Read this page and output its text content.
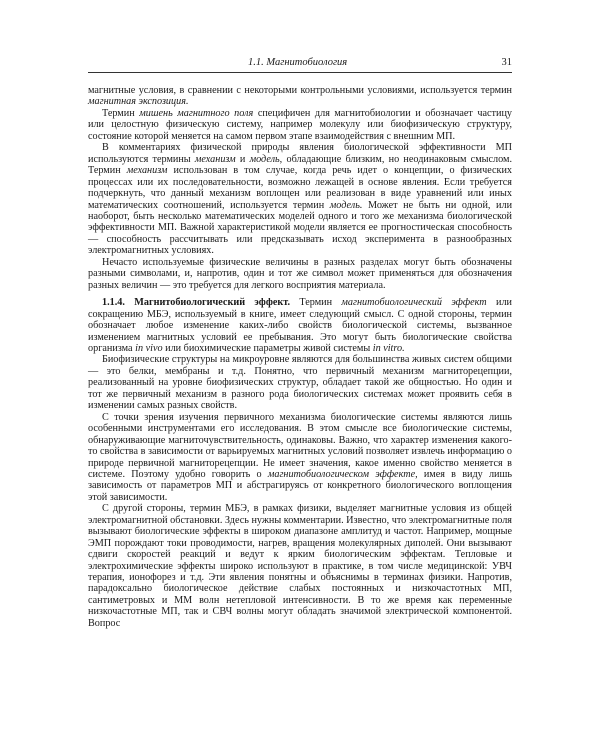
1.1. Магнитобиология	31

магнитные условия, в сравнении с некоторыми контрольными условиями, используется термин магнитная экспозиция.

Термин мишень магнитного поля специфичен для магнитобиологии и обозначает частицу или целостную физическую систему, например молекулу или биофизическую структуру, состояние которой меняется на самом первом этапе взаимодействия с внешним МП.

В комментариях физической природы явления биологической эффективности МП используются термины механизм и модель, обладающие близким, но неодинаковым смыслом. Термин механизм использован в том случае, когда речь идет о концепции, о физических процессах или их последовательности, возможно лежащей в основе явления. Если требуется подчеркнуть, что данный механизм воплощен или реализован в виде уравнений или иных математических соотношений, используется термин модель. Может не быть ни одной, или наоборот, быть несколько математических моделей одного и того же механизма биологической эффективности МП. Важной характеристикой модели является ее прогностическая способность — способность рассчитывать или предсказывать исход эксперимента в разнообразных электромагнитных условиях.

Нечасто используемые физические величины в разных разделах могут быть обозначены разными символами, и, напротив, один и тот же символ может применяться для обозначения разных величин — это требуется для легкого восприятия материала.

1.1.4. Магнитобиологический эффект. Термин магнитобиологический эффект или сокращению МБЭ, используемый в книге, имеет следующий смысл. С одной стороны, термин обозначает любое изменение каких-либо свойств биологической системы, вызванное изменением магнитных условий ее пребывания. Это могут быть биологические свойства организма in vivo или биохимические параметры живой системы in vitro.

Биофизические структуры на микроуровне являются для большинства живых систем общими — это белки, мембраны и т.д. Понятно, что первичный механизм магниторецепции, реализованный на уровне биофизических структур, обладает такой же общностью. Но один и тот же первичный механизм в разного рода биологических системах может проявить себя в изменении самых разных свойств.

С точки зрения изучения первичного механизма биологические системы являются лишь особенными инструментами его исследования. В этом смысле все биологические системы, обнаруживающие магниточувствительность, одинаковы. Важно, что характер изменения какого-то свойства в зависимости от варьируемых магнитных условий позволяет извлечь информацию о природе первичной магниторецепции. Не имеет значения, какое именно свойство меняется в системе. Поэтому удобно говорить о магнитобиологическом эффекте, имея в виду лишь зависимость от параметров МП и абстрагируясь от конкретного биологического воплощения этой зависимости.

С другой стороны, термин МБЭ, в рамках физики, выделяет магнитные условия из общей электромагнитной обстановки. Здесь нужны комментарии. Известно, что электромагнитные поля вызывают биологические эффекты в широком диапазоне амплитуд и частот. Например, мощные ЭМП порождают токи проводимости, нагрев, вращения молекулярных диполей. Они вызывают сдвиги скоростей реакций и ведут к ярким биологическим эффектам. Тепловые и электрохимические эффекты широко используют в практике, в том числе медицинской: УВЧ терапия, ионофорез и т.д. Эти явления понятны и объяснимы в терминах физики. Напротив, парадоксально биологическое действие слабых постоянных и низкочастотных МП, сантиметровых и ММ волн нетепловой интенсивности. В то же время как переменные низкочастотные МП, так и СВЧ волны могут обладать значимой электрической компонентой. Вопрос
